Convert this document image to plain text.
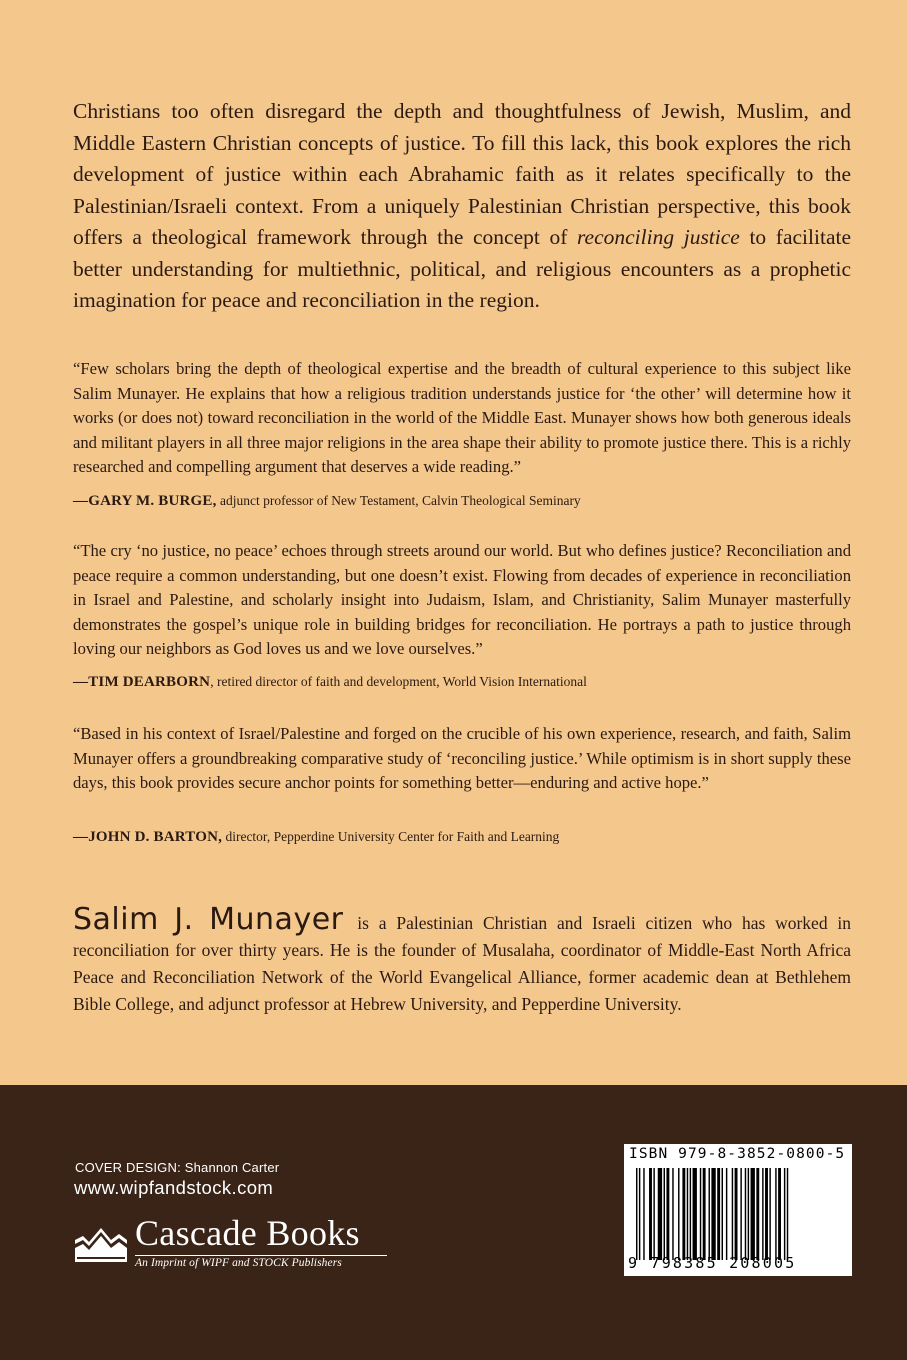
Christians too often disregard the depth and thoughtfulness of Jewish, Muslim, and Middle Eastern Christian concepts of justice. To fill this lack, this book explores the rich development of justice within each Abrahamic faith as it relates specifically to the Palestinian/Israeli context. From a uniquely Palestinian Christian perspective, this book offers a theological framework through the concept of reconciling justice to facilitate better understanding for multiethnic, political, and religious encounters as a prophetic imagination for peace and reconciliation in the region.

“Few scholars bring the depth of theological expertise and the breadth of cultural experience to this subject like Salim Munayer. He explains that how a religious tradition understands justice for ‘the other’ will determine how it works (or does not) toward reconciliation in the world of the Middle East. Munayer shows how both generous ideals and militant players in all three major religions in the area shape their ability to promote justice there. This is a richly researched and compelling argument that deserves a wide reading.”

—GARY M. BURGE, adjunct professor of New Testament, Calvin Theological Seminary

“The cry ‘no justice, no peace’ echoes through streets around our world. But who defines justice? Reconciliation and peace require a common understanding, but one doesn’t exist. Flowing from decades of experience in reconciliation in Israel and Palestine, and scholarly insight into Judaism, Islam, and Christianity, Salim Munayer masterfully demonstrates the gospel’s unique role in building bridges for reconciliation. He portrays a path to justice through loving our neighbors as God loves us and we love ourselves.”

—TIM DEARBORN, retired director of faith and development, World Vision International

“Based in his context of Israel/Palestine and forged on the crucible of his own experience, research, and faith, Salim Munayer offers a groundbreaking comparative study of ‘reconciling justice.’ While optimism is in short supply these days, this book provides secure anchor points for something better—enduring and active hope.”

—JOHN D. BARTON, director, Pepperdine University Center for Faith and Learning

Salim J. Munayer is a Palestinian Christian and Israeli citizen who has worked in reconciliation for over thirty years. He is the founder of Musalaha, coordinator of Middle-East North Africa Peace and Reconciliation Network of the World Evangelical Alliance, former academic dean at Bethlehem Bible College, and adjunct professor at Hebrew University, and Pepperdine University.

COVER DESIGN: Shannon Carter
www.wipfandstock.com
Cascade Books
An Imprint of WIPF and STOCK Publishers
ISBN 979-8-3852-0800-5
9 798385 208005
